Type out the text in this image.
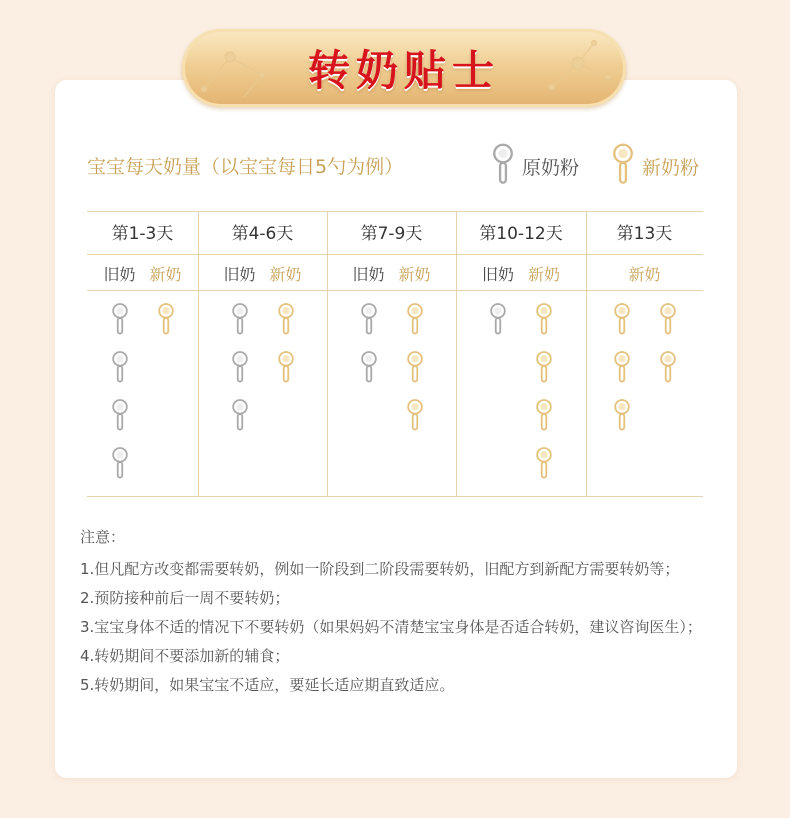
转奶贴士
宝宝每天奶量（以宝宝每日5勺为例）	原奶粉	新奶粉
第1-3天
旧奶 新奶
第4-6天
旧奶 新奶
第7-9天
旧奶 新奶
第10-12天
旧奶 新奶
第13天
新奶
注意：
1.但凡配方改变都需要转奶，例如一阶段到二阶段需要转奶，旧配方到新配方需要转奶等；
2.预防接种前后一周不要转奶；
3.宝宝身体不适的情况下不要转奶（如果妈妈不清楚宝宝身体是否适合转奶，建议咨询医生）；
4.转奶期间不要添加新的辅食；
5.转奶期间，如果宝宝不适应，要延长适应期直致适应。
